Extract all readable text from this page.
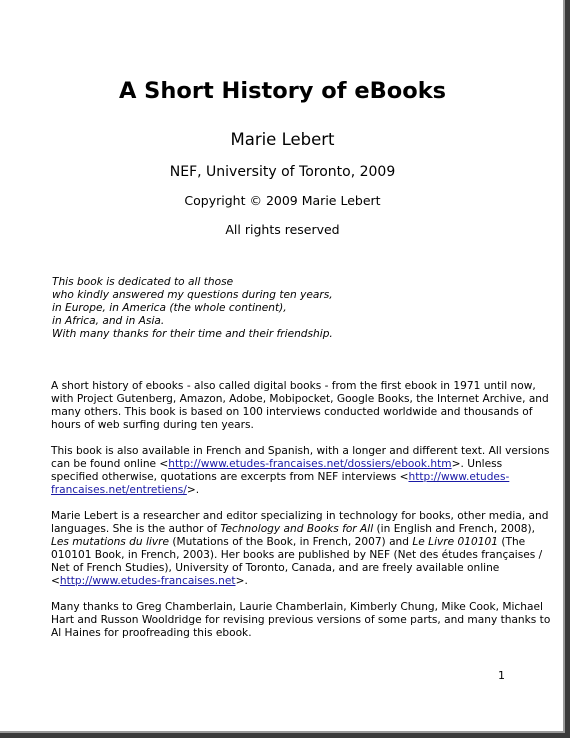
A Short History of eBooks
Marie Lebert
NEF, University of Toronto, 2009
Copyright © 2009 Marie Lebert
All rights reserved
This book is dedicated to all those
who kindly answered my questions during ten years,
in Europe, in America (the whole continent),
in Africa, and in Asia.
With many thanks for their time and their friendship.
A short history of ebooks - also called digital books - from the first ebook in 1971 until now,
with Project Gutenberg, Amazon, Adobe, Mobipocket, Google Books, the Internet Archive, and
many others. This book is based on 100 interviews conducted worldwide and thousands of
hours of web surfing during ten years.
This book is also available in French and Spanish, with a longer and different text. All versions
can be found online <http://www.etudes-francaises.net/dossiers/ebook.htm>. Unless
specified otherwise, quotations are excerpts from NEF interviews <http://www.etudes-
francaises.net/entretiens/>.
Marie Lebert is a researcher and editor specializing in technology for books, other media, and
languages. She is the author of Technology and Books for All (in English and French, 2008),
Les mutations du livre (Mutations of the Book, in French, 2007) and Le Livre 010101 (The
010101 Book, in French, 2003). Her books are published by NEF (Net des études françaises /
Net of French Studies), University of Toronto, Canada, and are freely available online
<http://www.etudes-francaises.net>.
Many thanks to Greg Chamberlain, Laurie Chamberlain, Kimberly Chung, Mike Cook, Michael
Hart and Russon Wooldridge for revising previous versions of some parts, and many thanks to
Al Haines for proofreading this ebook.
1
